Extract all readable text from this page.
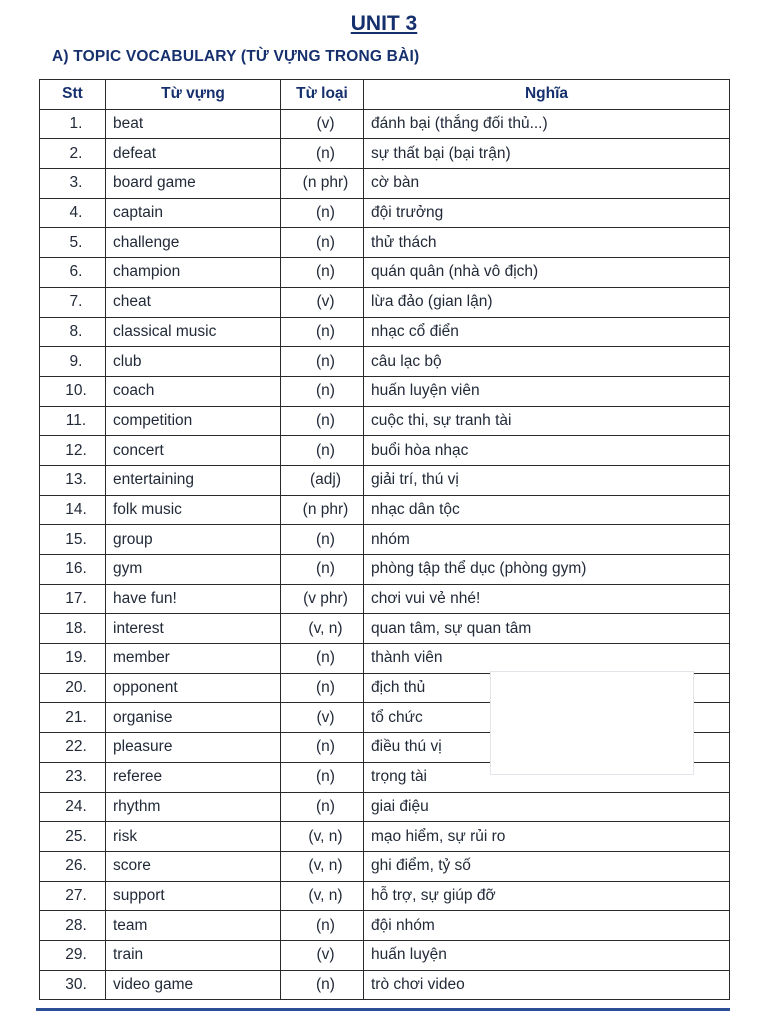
UNIT 3
A) TOPIC VOCABULARY (TỪ VỰNG TRONG BÀI)
Stt	Từ vựng	Từ loại	Nghĩa
1.	beat	(v)	đánh bại (thắng đối thủ...)
2.	defeat	(n)	sự thất bại (bại trận)
3.	board game	(n phr)	cờ bàn
4.	captain	(n)	đội trưởng
5.	challenge	(n)	thử thách
6.	champion	(n)	quán quân (nhà vô địch)
7.	cheat	(v)	lừa đảo (gian lận)
8.	classical music	(n)	nhạc cổ điển
9.	club	(n)	câu lạc bộ
10.	coach	(n)	huấn luyện viên
11.	competition	(n)	cuộc thi, sự tranh tài
12.	concert	(n)	buổi hòa nhạc
13.	entertaining	(adj)	giải trí, thú vị
14.	folk music	(n phr)	nhạc dân tộc
15.	group	(n)	nhóm
16.	gym	(n)	phòng tập thể dục (phòng gym)
17.	have fun!	(v phr)	chơi vui vẻ nhé!
18.	interest	(v, n)	quan tâm, sự quan tâm
19.	member	(n)	thành viên
20.	opponent	(n)	địch thủ
21.	organise	(v)	tổ chức
22.	pleasure	(n)	điều thú vị
23.	referee	(n)	trọng tài
24.	rhythm	(n)	giai điệu
25.	risk	(v, n)	mạo hiểm, sự rủi ro
26.	score	(v, n)	ghi điểm, tỷ số
27.	support	(v, n)	hỗ trợ, sự giúp đỡ
28.	team	(n)	đội nhóm
29.	train	(v)	huấn luyện
30.	video game	(n)	trò chơi video
